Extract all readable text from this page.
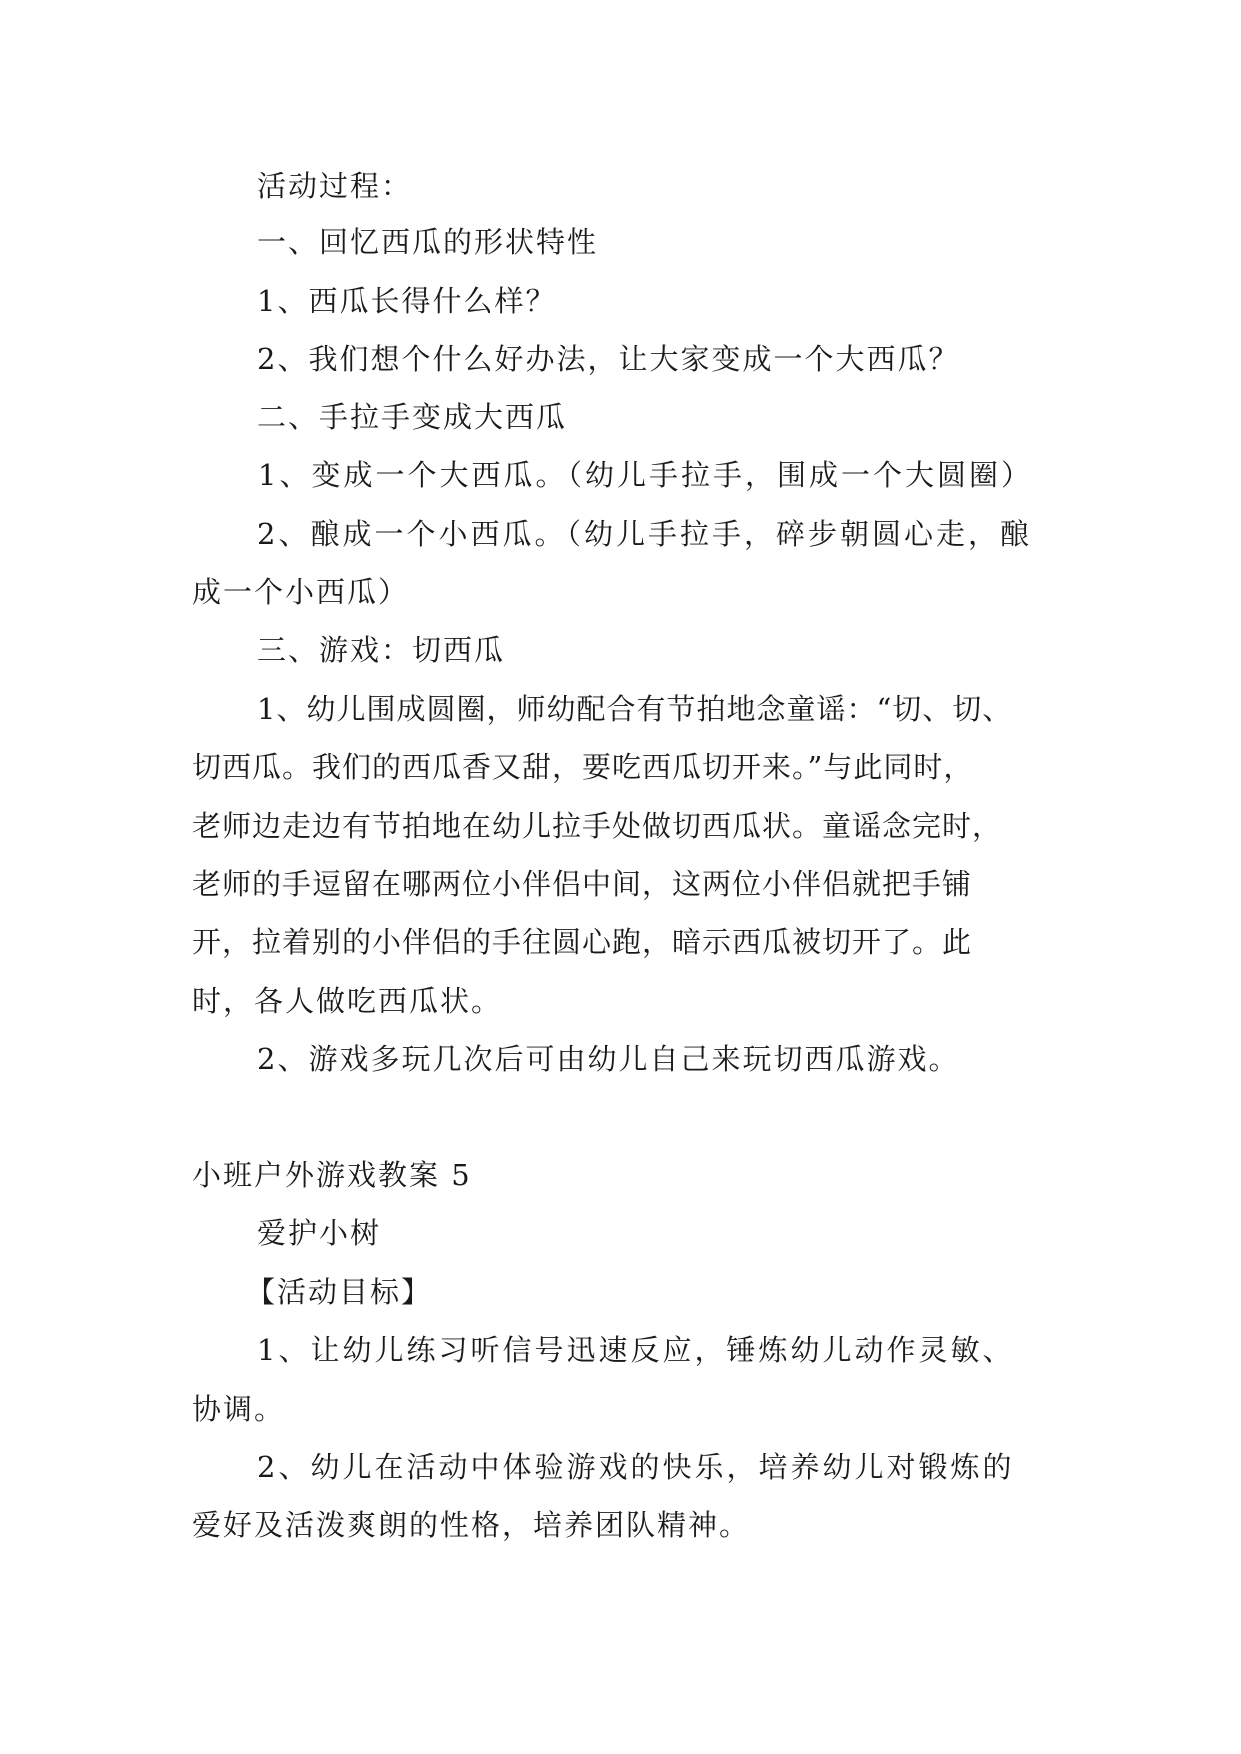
活动过程：
一、回忆西瓜的形状特性
1、西瓜长得什么样？
2、我们想个什么好办法，让大家变成一个大西瓜？
二、手拉手变成大西瓜
1、变成一个大西瓜。（幼儿手拉手，围成一个大圆圈）
2、酿成一个小西瓜。（幼儿手拉手，碎步朝圆心走，酿
成一个小西瓜）
三、游戏：切西瓜
1、幼儿围成圆圈，师幼配合有节拍地念童谣：“切、切、
切西瓜。我们的西瓜香又甜，要吃西瓜切开来。”与此同时，
老师边走边有节拍地在幼儿拉手处做切西瓜状。童谣念完时，
老师的手逗留在哪两位小伴侣中间，这两位小伴侣就把手铺
开，拉着别的小伴侣的手往圆心跑，暗示西瓜被切开了。此
时，各人做吃西瓜状。
2、游戏多玩几次后可由幼儿自己来玩切西瓜游戏。
小班户外游戏教案 5
爱护小树
【活动目标】
1、让幼儿练习听信号迅速反应，锤炼幼儿动作灵敏、
协调。
2、幼儿在活动中体验游戏的快乐，培养幼儿对锻炼的
爱好及活泼爽朗的性格，培养团队精神。
